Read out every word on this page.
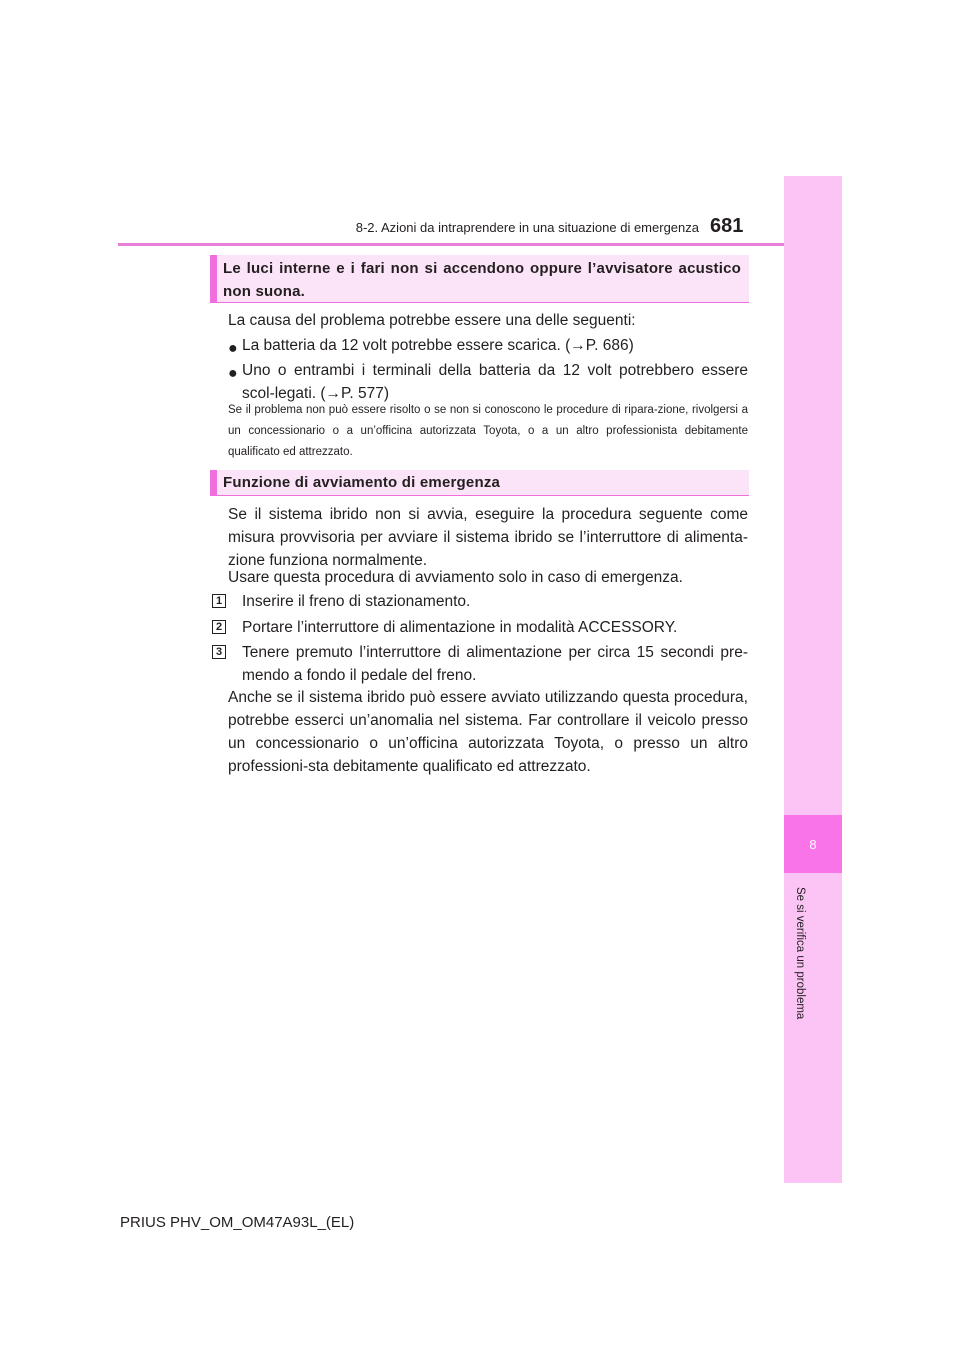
8-2. Azioni da intraprendere in una situazione di emergenza 681
8
Se si verifica un problema
Le luci interne e i fari non si accendono oppure l’avvisatore acustico non suona.
La causa del problema potrebbe essere una delle seguenti:
● La batteria da 12 volt potrebbe essere scarica. (→P. 686)
● Uno o entrambi i terminali della batteria da 12 volt potrebbero essere scol-legati. (→P. 577)
Se il problema non può essere risolto o se non si conoscono le procedure di ripara-zione, rivolgersi a un concessionario o a un’officina autorizzata Toyota, o a un altro professionista debitamente qualificato ed attrezzato.
Funzione di avviamento di emergenza
Se il sistema ibrido non si avvia, eseguire la procedura seguente come misura provvisoria per avviare il sistema ibrido se l’interruttore di alimenta-zione funziona normalmente.
Usare questa procedura di avviamento solo in caso di emergenza.
1 Inserire il freno di stazionamento.
2 Portare l’interruttore di alimentazione in modalità ACCESSORY.
3 Tenere premuto l’interruttore di alimentazione per circa 15 secondi pre-mendo a fondo il pedale del freno.
Anche se il sistema ibrido può essere avviato utilizzando questa procedura, potrebbe esserci un’anomalia nel sistema. Far controllare il veicolo presso un concessionario o un’officina autorizzata Toyota, o presso un altro professioni-sta debitamente qualificato ed attrezzato.
PRIUS PHV_OM_OM47A93L_(EL)
